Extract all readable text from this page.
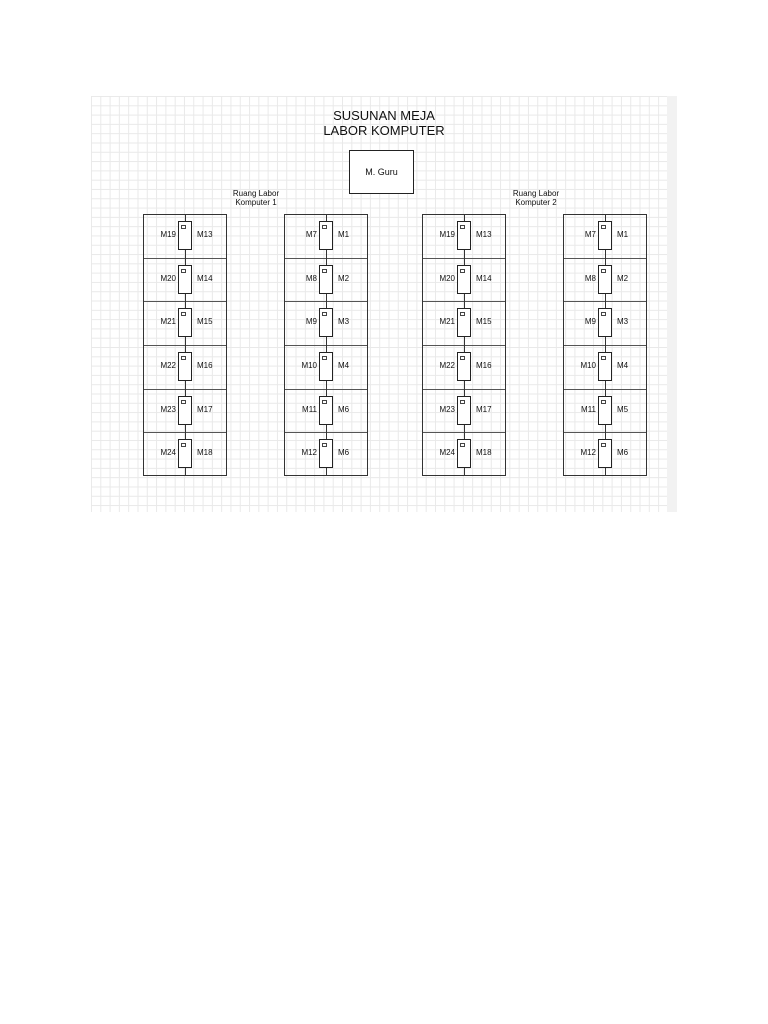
SUSUNAN MEJA
LABOR KOMPUTER
M. Guru
Ruang Labor
Komputer 1
Ruang Labor
Komputer 2
M19	M13
M20	M14
M21	M15
M22	M16
M23	M17
M24	M18
M7	M1
M8	M2
M9	M3
M10	M4
M11	M6
M12	M6
M19	M13
M20	M14
M21	M15
M22	M16
M23	M17
M24	M18
M7	M1
M8	M2
M9	M3
M10	M4
M11	M5
M12	M6
